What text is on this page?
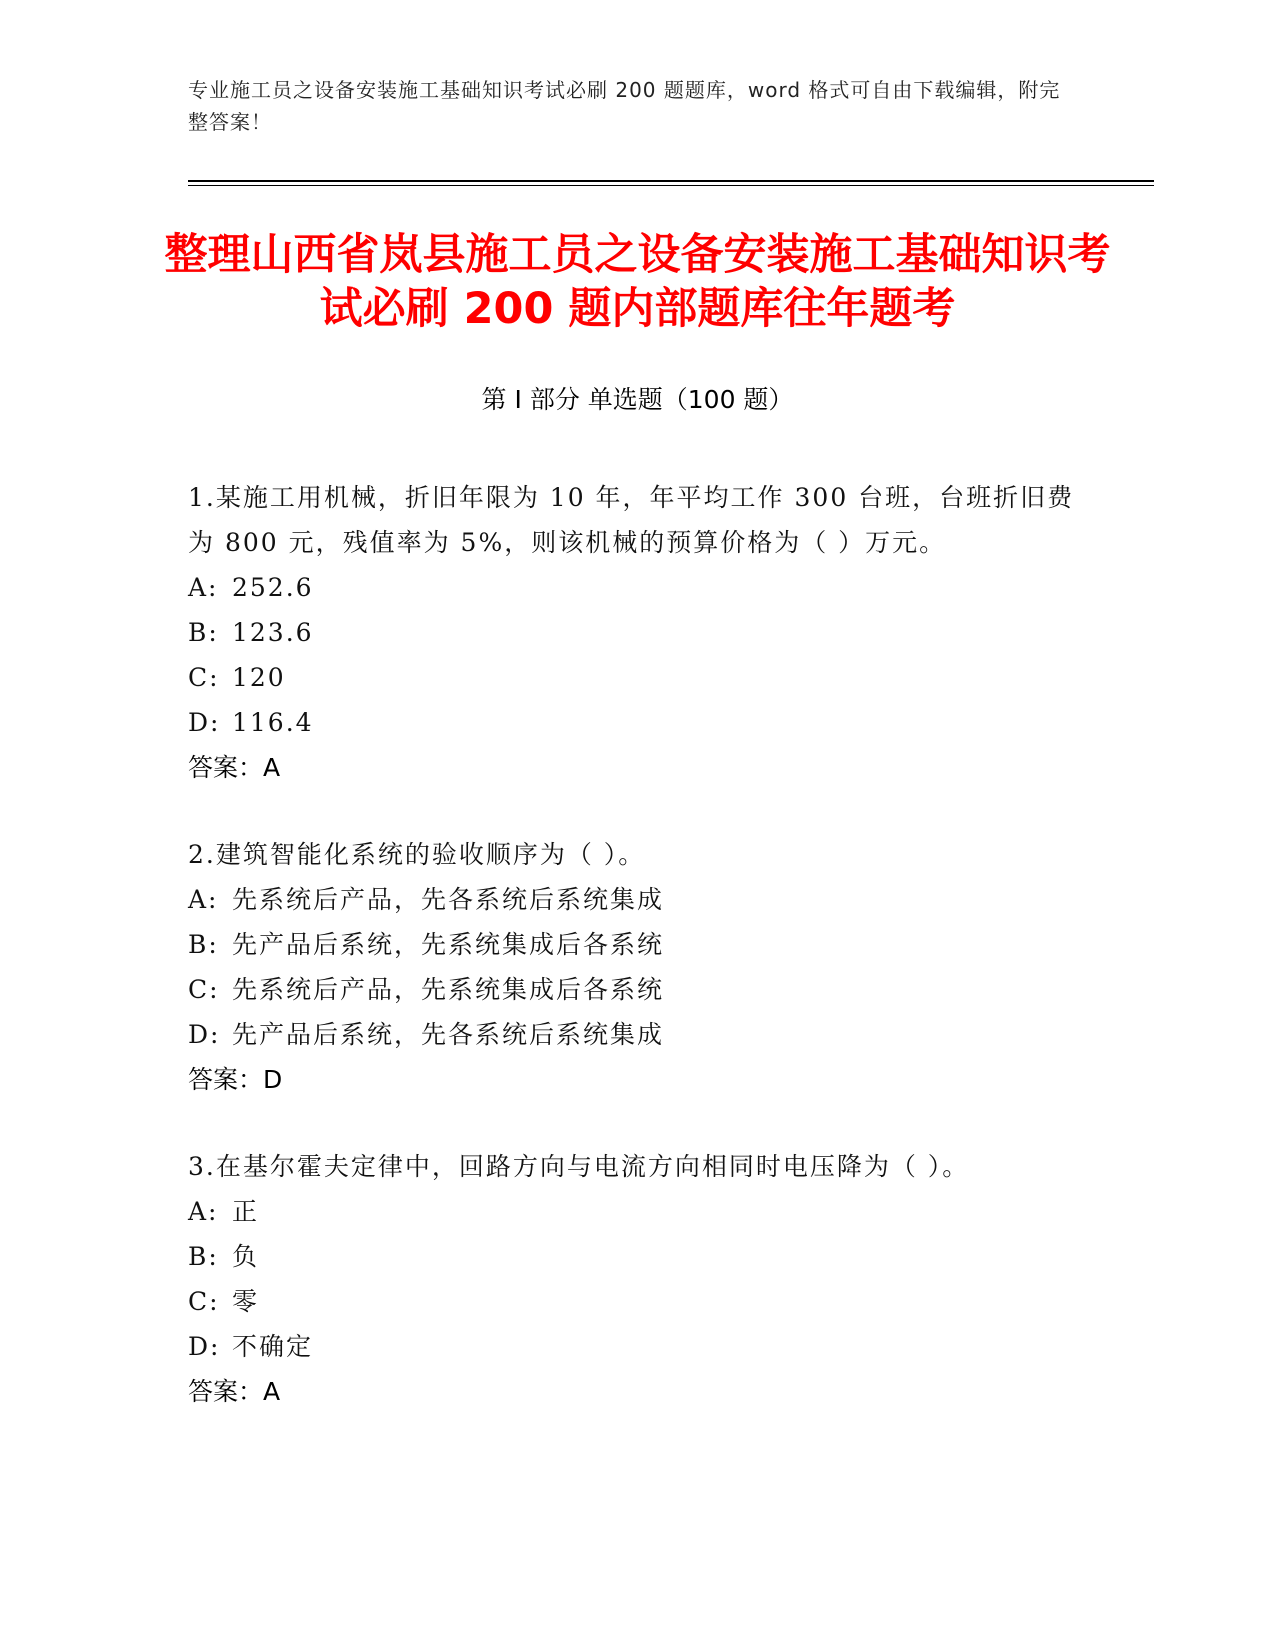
专业施工员之设备安装施工基础知识考试必刷 200 题题库，word 格式可自由下载编辑，附完整答案！
整理山西省岚县施工员之设备安装施工基础知识考试必刷 200 题内部题库往年题考
第 I 部分 单选题（100 题）
1.某施工用机械，折旧年限为 10 年，年平均工作 300 台班，台班折旧费为 800 元，残值率为 5%，则该机械的预算价格为（ ）万元。
A: 252.6
B: 123.6
C: 120
D: 116.4
答案：A
2.建筑智能化系统的验收顺序为（ ）。
A: 先系统后产品，先各系统后系统集成
B: 先产品后系统，先系统集成后各系统
C: 先系统后产品，先系统集成后各系统
D: 先产品后系统，先各系统后系统集成
答案：D
3.在基尔霍夫定律中，回路方向与电流方向相同时电压降为（ ）。
A: 正
B: 负
C: 零
D: 不确定
答案：A
